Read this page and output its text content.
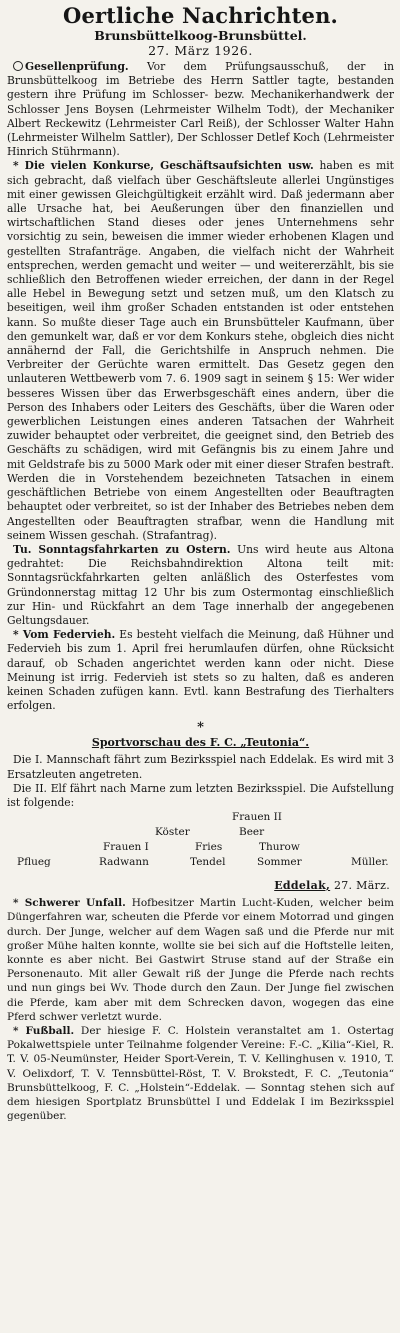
Oertliche Nachrichten.
Brunsbüttelkoog-Brunsbüttel.
27. März 1926.

Gesellenprüfung. Vor dem Prüfungsausschuß, der in Brunsbüttelkoog im Betriebe des Herrn Sattler tagte, bestanden gestern ihre Prüfung im Schlosser- bezw. Mechanikerhandwerk der Schlosser Jens Boysen (Lehrmeister Wilhelm Todt), der Mechaniker Albert Reckewitz (Lehrmeister Carl Reiß), der Schlosser Walter Hahn (Lehrmeister Wilhelm Sattler), Der Schlosser Detlef Koch (Lehrmeister Hinrich Stührmann).

* Die vielen Konkurse, Geschäftsaufsichten usw. haben es mit sich gebracht, daß vielfach über Geschäftsleute allerlei Ungünstiges mit einer gewissen Gleichgültigkeit erzählt wird. Daß jedermann aber alle Ursache hat, bei Aeußerungen über den finanziellen und wirtschaftlichen Stand dieses oder jenes Unternehmens sehr vorsichtig zu sein, beweisen die immer wieder erhobenen Klagen und gestellten Strafanträge. Angaben, die vielfach nicht der Wahrheit entsprechen, werden gemacht und weiter — und weitererzählt, bis sie schließlich den Betroffenen wieder erreichen, der dann in der Regel alle Hebel in Bewegung setzt und setzen muß, um den Klatsch zu beseitigen, weil ihm großer Schaden entstanden ist oder entstehen kann. So mußte dieser Tage auch ein Brunsbütteler Kaufmann, über den gemunkelt war, daß er vor dem Konkurs stehe, obgleich dies nicht annähernd der Fall, die Gerichtshilfe in Anspruch nehmen. Die Verbreiter der Gerüchte waren ermittelt. Das Gesetz gegen den unlauteren Wettbewerb vom 7. 6. 1909 sagt in seinem § 15: Wer wider besseres Wissen über das Erwerbsgeschäft eines andern, über die Person des Inhabers oder Leiters des Geschäfts, über die Waren oder gewerblichen Leistungen eines anderen Tatsachen der Wahrheit zuwider behauptet oder verbreitet, die geeignet sind, den Betrieb des Geschäfts zu schädigen, wird mit Gefängnis bis zu einem Jahre und mit Geldstrafe bis zu 5000 Mark oder mit einer dieser Strafen bestraft. Werden die in Vorstehendem bezeichneten Tatsachen in einem geschäftlichen Betriebe von einem Angestellten oder Beauftragten behauptet oder verbreitet, so ist der Inhaber des Betriebes neben dem Angestellten oder Beauftragten strafbar, wenn die Handlung mit seinem Wissen geschah. (Strafantrag).

Tu. Sonntagsfahrkarten zu Ostern. Uns wird heute aus Altona gedrahtet: Die Reichsbahndirektion Altona teilt mit: Sonntagsrückfahrkarten gelten anläßlich des Osterfestes vom Gründonnerstag mittag 12 Uhr bis zum Ostermontag einschließlich zur Hin- und Rückfahrt an dem Tage innerhalb der angegebenen Geltungsdauer.

* Vom Federvieh. Es besteht vielfach die Meinung, daß Hühner und Federvieh bis zum 1. April frei herumlaufen dürfen, ohne Rücksicht darauf, ob Schaden angerichtet werden kann oder nicht. Diese Meinung ist irrig. Federvieh ist stets so zu halten, daß es anderen keinen Schaden zufügen kann. Evtl. kann Bestrafung des Tierhalters erfolgen.

*
Sportvorschau des F. C. „Teutonia“.

Die I. Mannschaft fährt zum Bezirksspiel nach Eddelak. Es wird mit 3 Ersatzleuten angetreten.

Die II. Elf fährt nach Marne zum letzten Bezirksspiel. Die Aufstellung ist folgende:

Frauen II
Köster	Beer
Frauen I	Fries	Thurow
Pflueg	Radwann	Tendel	Sommer	Müller.
Eddelak, 27. März.

* Schwerer Unfall. Hofbesitzer Martin Lucht-Kuden, welcher beim Düngerfahren war, scheuten die Pferde vor einem Motorrad und gingen durch. Der Junge, welcher auf dem Wagen saß und die Pferde nur mit großer Mühe halten konnte, wollte sie bei sich auf die Hoftstelle leiten, konnte es aber nicht. Bei Gastwirt Struse stand auf der Straße ein Personenauto. Mit aller Gewalt riß der Junge die Pferde nach rechts und nun gings bei Wv. Thode durch den Zaun. Der Junge fiel zwischen die Pferde, kam aber mit dem Schrecken davon, wogegen das eine Pferd schwer verletzt wurde.

* Fußball. Der hiesige F. C. Holstein veranstaltet am 1. Ostertag Pokalwettspiele unter Teilnahme folgender Vereine: F.-C. „Kilia“-Kiel, R. T. V. 05-Neumünster, Heider Sport-Verein, T. V. Kellinghusen v. 1910, T. V. Oelixdorf, T. V. Tennsbüttel-Röst, T. V. Brokstedt, F. C. „Teutonia“ Brunsbüttelkoog, F. C. „Holstein“-Eddelak. — Sonntag stehen sich auf dem hiesigen Sportplatz Brunsbüttel I und Eddelak I im Bezirksspiel gegenüber.
